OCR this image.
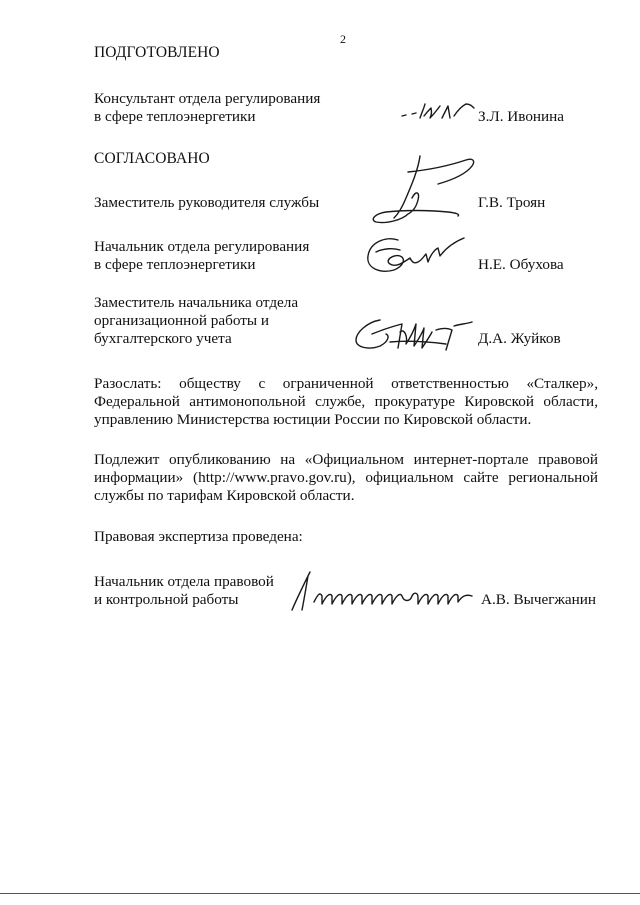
2
ПОДГОТОВЛЕНО
Консультант отдела регулирования
в сфере теплоэнергетики	З.Л. Ивонина
СОГЛАСОВАНО
Заместитель руководителя службы	Г.В. Троян
Начальник отдела регулирования
в сфере теплоэнергетики	Н.Е. Обухова
Заместитель начальника отдела
организационной работы и
бухгалтерского учета	Д.А. Жуйков
Разослать: обществу с ограниченной ответственностью «Сталкер», Федеральной антимонопольной службе, прокуратуре Кировской области, управлению Министерства юстиции России по Кировской области.
Подлежит опубликованию на «Официальном интернет-портале правовой информации» (http://www.pravo.gov.ru), официальном сайте региональной службы по тарифам Кировской области.
Правовая экспертиза проведена:
Начальник отдела правовой
и контрольной работы	А.В. Вычегжанин
